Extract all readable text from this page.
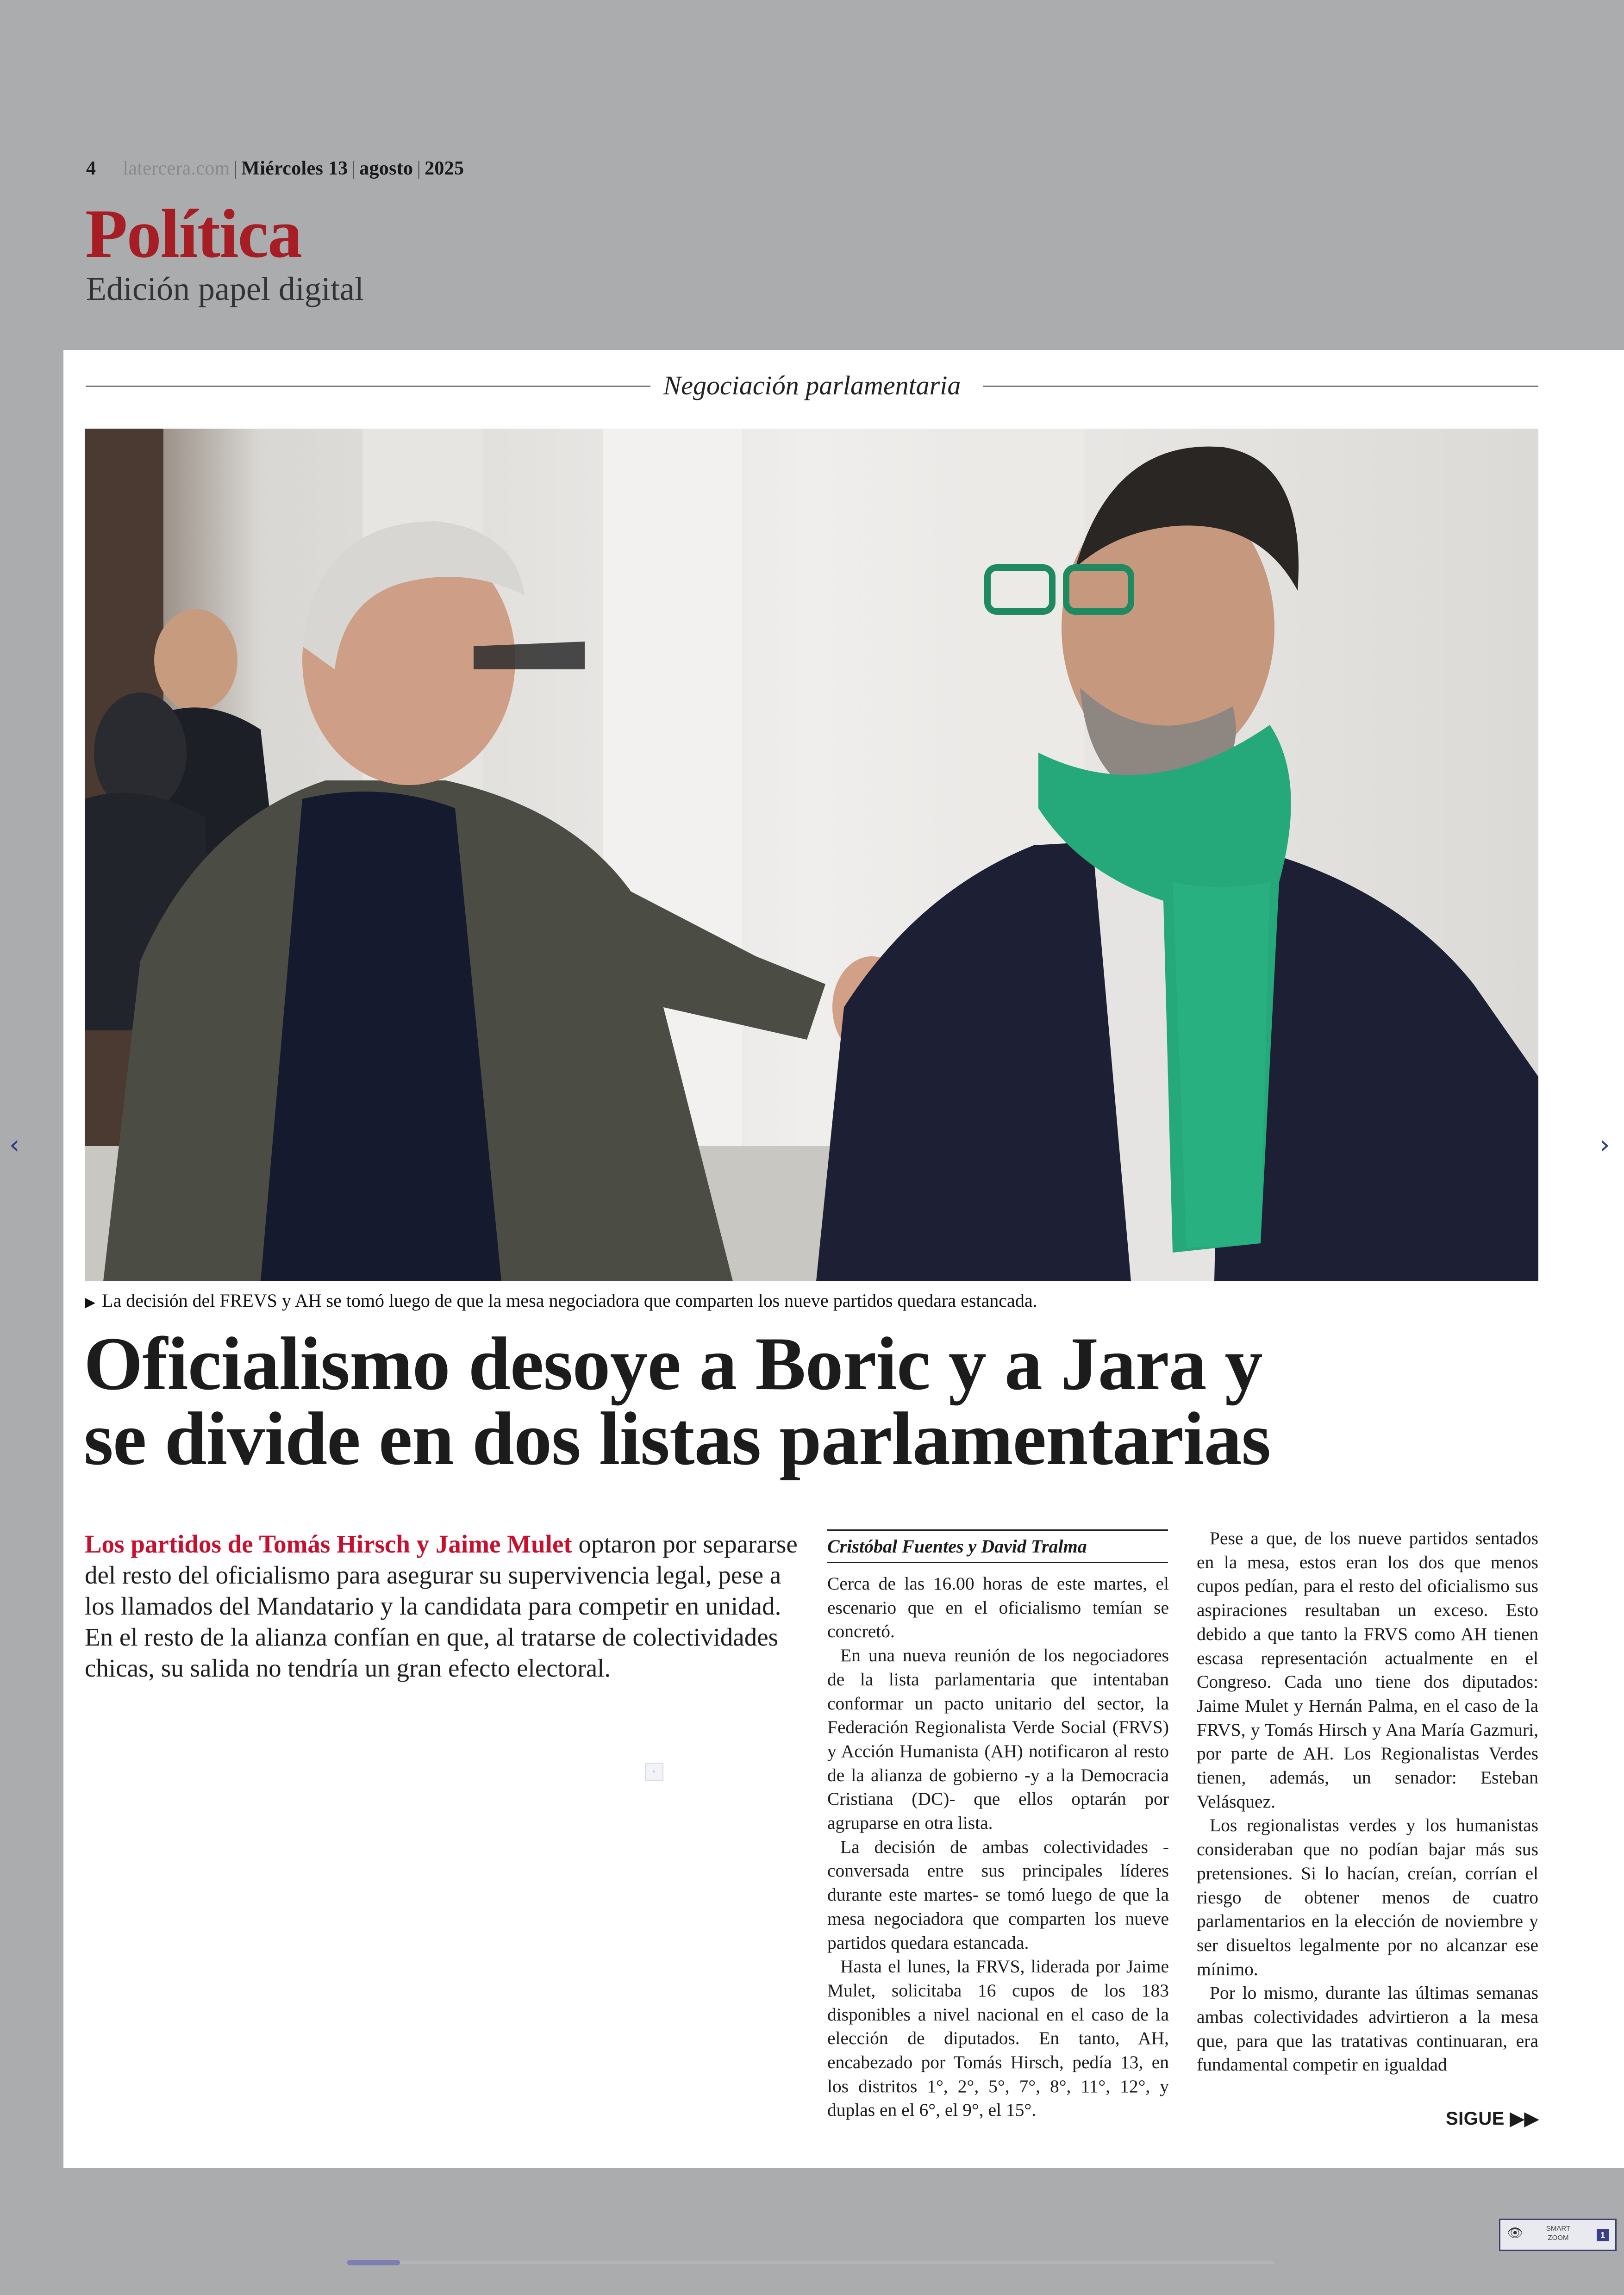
4 latercera.com | Miércoles 13 | agosto | 2025
Política
Edición papel digital
Negociación parlamentaria
▶ La decisión del FREVS y AH se tomó luego de que la mesa negociadora que comparten los nueve partidos quedara estancada.
Oficialismo desoye a Boric y a Jara y
se divide en dos listas parlamentarias
Los partidos de Tomás Hirsch y Jaime Mulet optaron por separarse del resto del oficialismo para asegurar su supervivencia legal, pese a los llamados del Mandatario y la candidata para competir en unidad. En el resto de la alianza confían en que, al tratarse de colectividades chicas, su salida no tendría un gran efecto electoral.
▫
Cristóbal Fuentes y David Tralma

Cerca de las 16.00 horas de este martes, el escenario que en el oficialismo temían se concretó.

En una nueva reunión de los negociadores de la lista parlamentaria que intentaban conformar un pacto unitario del sector, la Federación Regionalista Verde Social (FRVS) y Acción Humanista (AH) notificaron al resto de la alianza de gobierno -y a la Democracia Cristiana (DC)- que ellos optarán por agruparse en otra lista.

La decisión de ambas colectividades -conversada entre sus principales líderes durante este martes- se tomó luego de que la mesa negociadora que comparten los nueve partidos quedara estancada.

Hasta el lunes, la FRVS, liderada por Jaime Mulet, solicitaba 16 cupos de los 183 disponibles a nivel nacional en el caso de la elección de diputados. En tanto, AH, encabezado por Tomás Hirsch, pedía 13, en los distritos 1°, 2°, 5°, 7°, 8°, 11°, 12°, y duplas en el 6°, el 9°, el 15°.

Pese a que, de los nueve partidos sentados en la mesa, estos eran los dos que menos cupos pedían, para el resto del oficialismo sus aspiraciones resultaban un exceso. Esto debido a que tanto la FRVS como AH tienen escasa representación actualmente en el Congreso. Cada uno tiene dos diputados: Jaime Mulet y Hernán Palma, en el caso de la FRVS, y Tomás Hirsch y Ana María Gazmuri, por parte de AH. Los Regionalistas Verdes tienen, además, un senador: Esteban Velásquez.

Los regionalistas verdes y los humanistas consideraban que no podían bajar más sus pretensiones. Si lo hacían, creían, corrían el riesgo de obtener menos de cuatro parlamentarios en la elección de noviembre y ser disueltos legalmente por no alcanzar ese mínimo.

Por lo mismo, durante las últimas semanas ambas colectividades advirtieron a la mesa que, para que las tratativas continuaran, era fundamental competir en igualdad

SIGUE ▶▶
‹	›
👁	SMART
ZOOM	1
